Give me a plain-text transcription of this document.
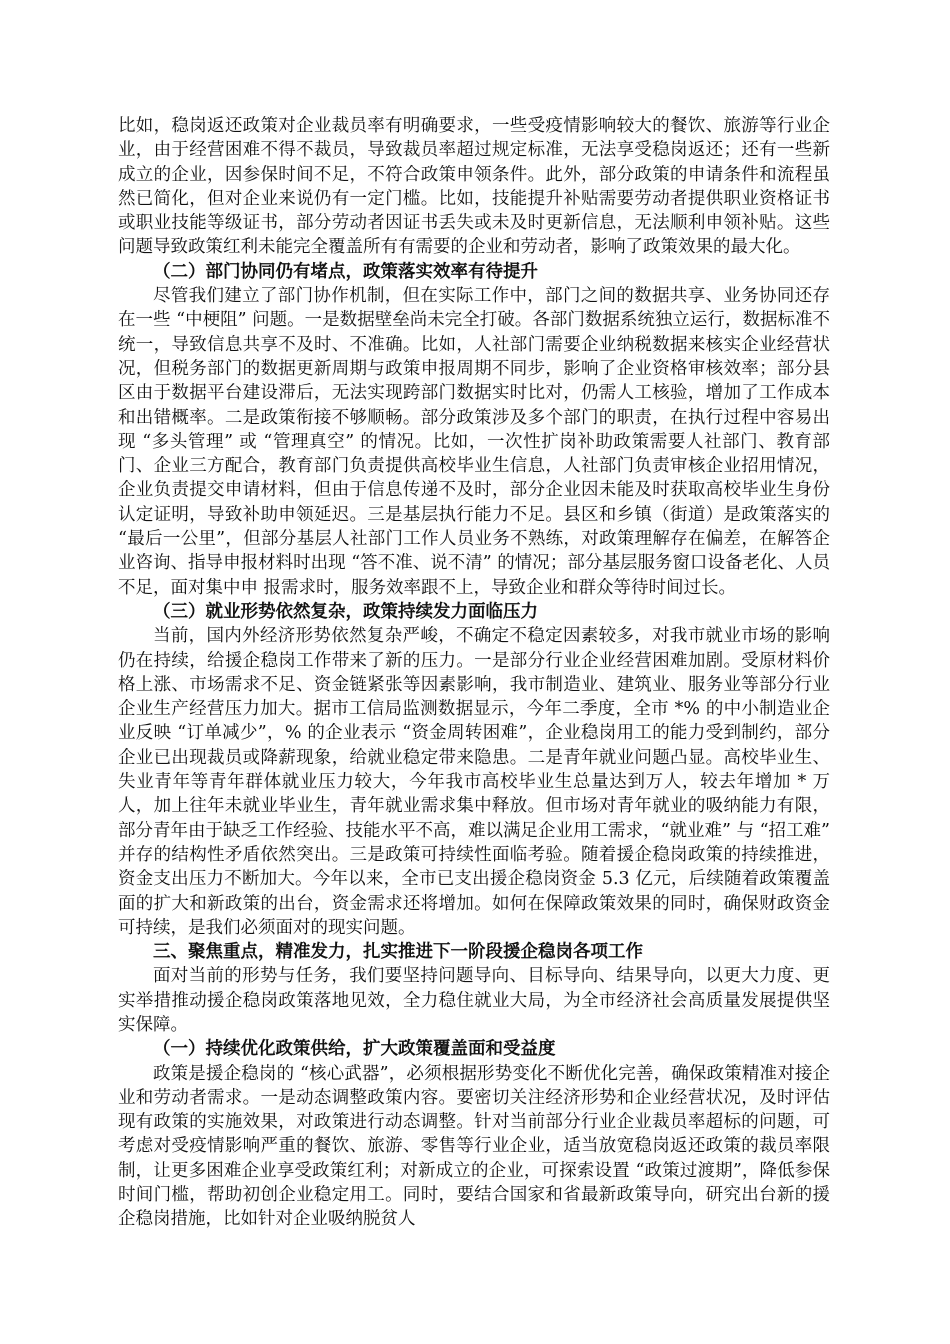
比如，稳岗返还政策对企业裁员率有明确要求，一些受疫情影响较大的餐饮、旅游等行业企业，由于经营困难不得不裁员，导致裁员率超过规定标准，无法享受稳岗返还；还有一些新成立的企业，因参保时间不足，不符合政策申领条件。此外，部分政策的申请条件和流程虽然已简化，但对企业来说仍有一定门槛。比如，技能提升补贴需要劳动者提供职业资格证书或职业技能等级证书，部分劳动者因证书丢失或未及时更新信息，无法顺利申领补贴。这些问题导致政策红利未能完全覆盖所有有需要的企业和劳动者，影响了政策效果的最大化。

（二）部门协同仍有堵点，政策落实效率有待提升

尽管我们建立了部门协作机制，但在实际工作中，部门之间的数据共享、业务协同还存在一些 “中梗阻” 问题。一是数据壁垒尚未完全打破。各部门数据系统独立运行，数据标准不统一，导致信息共享不及时、不准确。比如，人社部门需要企业纳税数据来核实企业经营状况，但税务部门的数据更新周期与政策申报周期不同步，影响了企业资格审核效率；部分县区由于数据平台建设滞后，无法实现跨部门数据实时比对，仍需人工核验，增加了工作成本和出错概率。二是政策衔接不够顺畅。部分政策涉及多个部门的职责，在执行过程中容易出现 “多头管理” 或 “管理真空” 的情况。比如，一次性扩岗补助政策需要人社部门、教育部门、企业三方配合，教育部门负责提供高校毕业生信息，人社部门负责审核企业招用情况，企业负责提交申请材料，但由于信息传递不及时，部分企业因未能及时获取高校毕业生身份认定证明，导致补助申领延迟。三是基层执行能力不足。县区和乡镇（街道）是政策落实的 “最后一公里”，但部分基层人社部门工作人员业务不熟练，对政策理解存在偏差，在解答企业咨询、指导申报材料时出现 “答不准、说不清” 的情况；部分基层服务窗口设备老化、人员不足，面对集中申 报需求时，服务效率跟不上，导致企业和群众等待时间过长。

（三）就业形势依然复杂，政策持续发力面临压力

当前，国内外经济形势依然复杂严峻，不确定不稳定因素较多，对我市就业市场的影响仍在持续，给援企稳岗工作带来了新的压力。一是部分行业企业经营困难加剧。受原材料价格上涨、市场需求不足、资金链紧张等因素影响，我市制造业、建筑业、服务业等部分行业企业生产经营压力加大。据市工信局监测数据显示，今年二季度，全市 *% 的中小制造业企业反映 “订单减少”，% 的企业表示 “资金周转困难”，企业稳岗用工的能力受到制约，部分企业已出现裁员或降薪现象，给就业稳定带来隐患。二是青年就业问题凸显。高校毕业生、失业青年等青年群体就业压力较大，今年我市高校毕业生总量达到万人，较去年增加 * 万人，加上往年未就业毕业生，青年就业需求集中释放。但市场对青年就业的吸纳能力有限，部分青年由于缺乏工作经验、技能水平不高，难以满足企业用工需求，“就业难” 与 “招工难” 并存的结构性矛盾依然突出。三是政策可持续性面临考验。随着援企稳岗政策的持续推进，资金支出压力不断加大。今年以来，全市已支出援企稳岗资金 5.3 亿元，后续随着政策覆盖面的扩大和新政策的出台，资金需求还将增加。如何在保障政策效果的同时，确保财政资金可持续，是我们必须面对的现实问题。

三、聚焦重点，精准发力，扎实推进下一阶段援企稳岗各项工作

面对当前的形势与任务，我们要坚持问题导向、目标导向、结果导向，以更大力度、更实举措推动援企稳岗政策落地见效，全力稳住就业大局，为全市经济社会高质量发展提供坚实保障。

（一）持续优化政策供给，扩大政策覆盖面和受益度

政策是援企稳岗的 “核心武器”，必须根据形势变化不断优化完善，确保政策精准对接企业和劳动者需求。一是动态调整政策内容。要密切关注经济形势和企业经营状况，及时评估现有政策的实施效果，对政策进行动态调整。针对当前部分行业企业裁员率超标的问题，可考虑对受疫情影响严重的餐饮、旅游、零售等行业企业，适当放宽稳岗返还政策的裁员率限制，让更多困难企业享受政策红利；对新成立的企业，可探索设置 “政策过渡期”，降低参保时间门槛，帮助初创企业稳定用工。同时，要结合国家和省最新政策导向，研究出台新的援企稳岗措施，比如针对企业吸纳脱贫人
